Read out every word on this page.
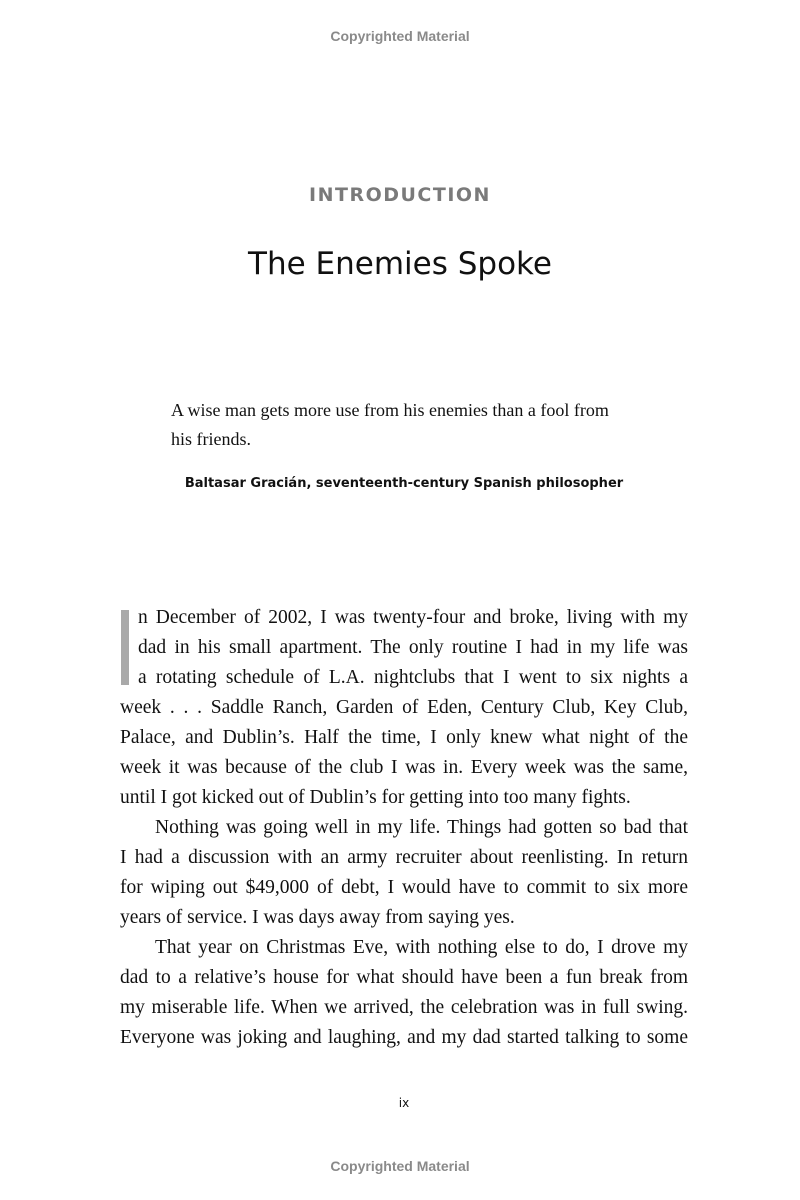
Copyrighted Material
INTRODUCTION
The Enemies Spoke
A wise man gets more use from his enemies than a fool from
his friends.
Baltasar Gracián, seventeenth-century Spanish philosopher
n December of 2002, I was twenty-four and broke, living with my
dad in his small apartment. The only routine I had in my life was
a rotating schedule of L.A. nightclubs that I went to six nights a
week . . . Saddle Ranch, Garden of Eden, Century Club, Key Club,
Palace, and Dublin’s. Half the time, I only knew what night of the
week it was because of the club I was in. Every week was the same,
until I got kicked out of Dublin’s for getting into too many fights.
Nothing was going well in my life. Things had gotten so bad that
I had a discussion with an army recruiter about reenlisting. In return
for wiping out $49,000 of debt, I would have to commit to six more
years of service. I was days away from saying yes.
That year on Christmas Eve, with nothing else to do, I drove my
dad to a relative’s house for what should have been a fun break from
my miserable life. When we arrived, the celebration was in full swing.
Everyone was joking and laughing, and my dad started talking to some
ix
Copyrighted Material
